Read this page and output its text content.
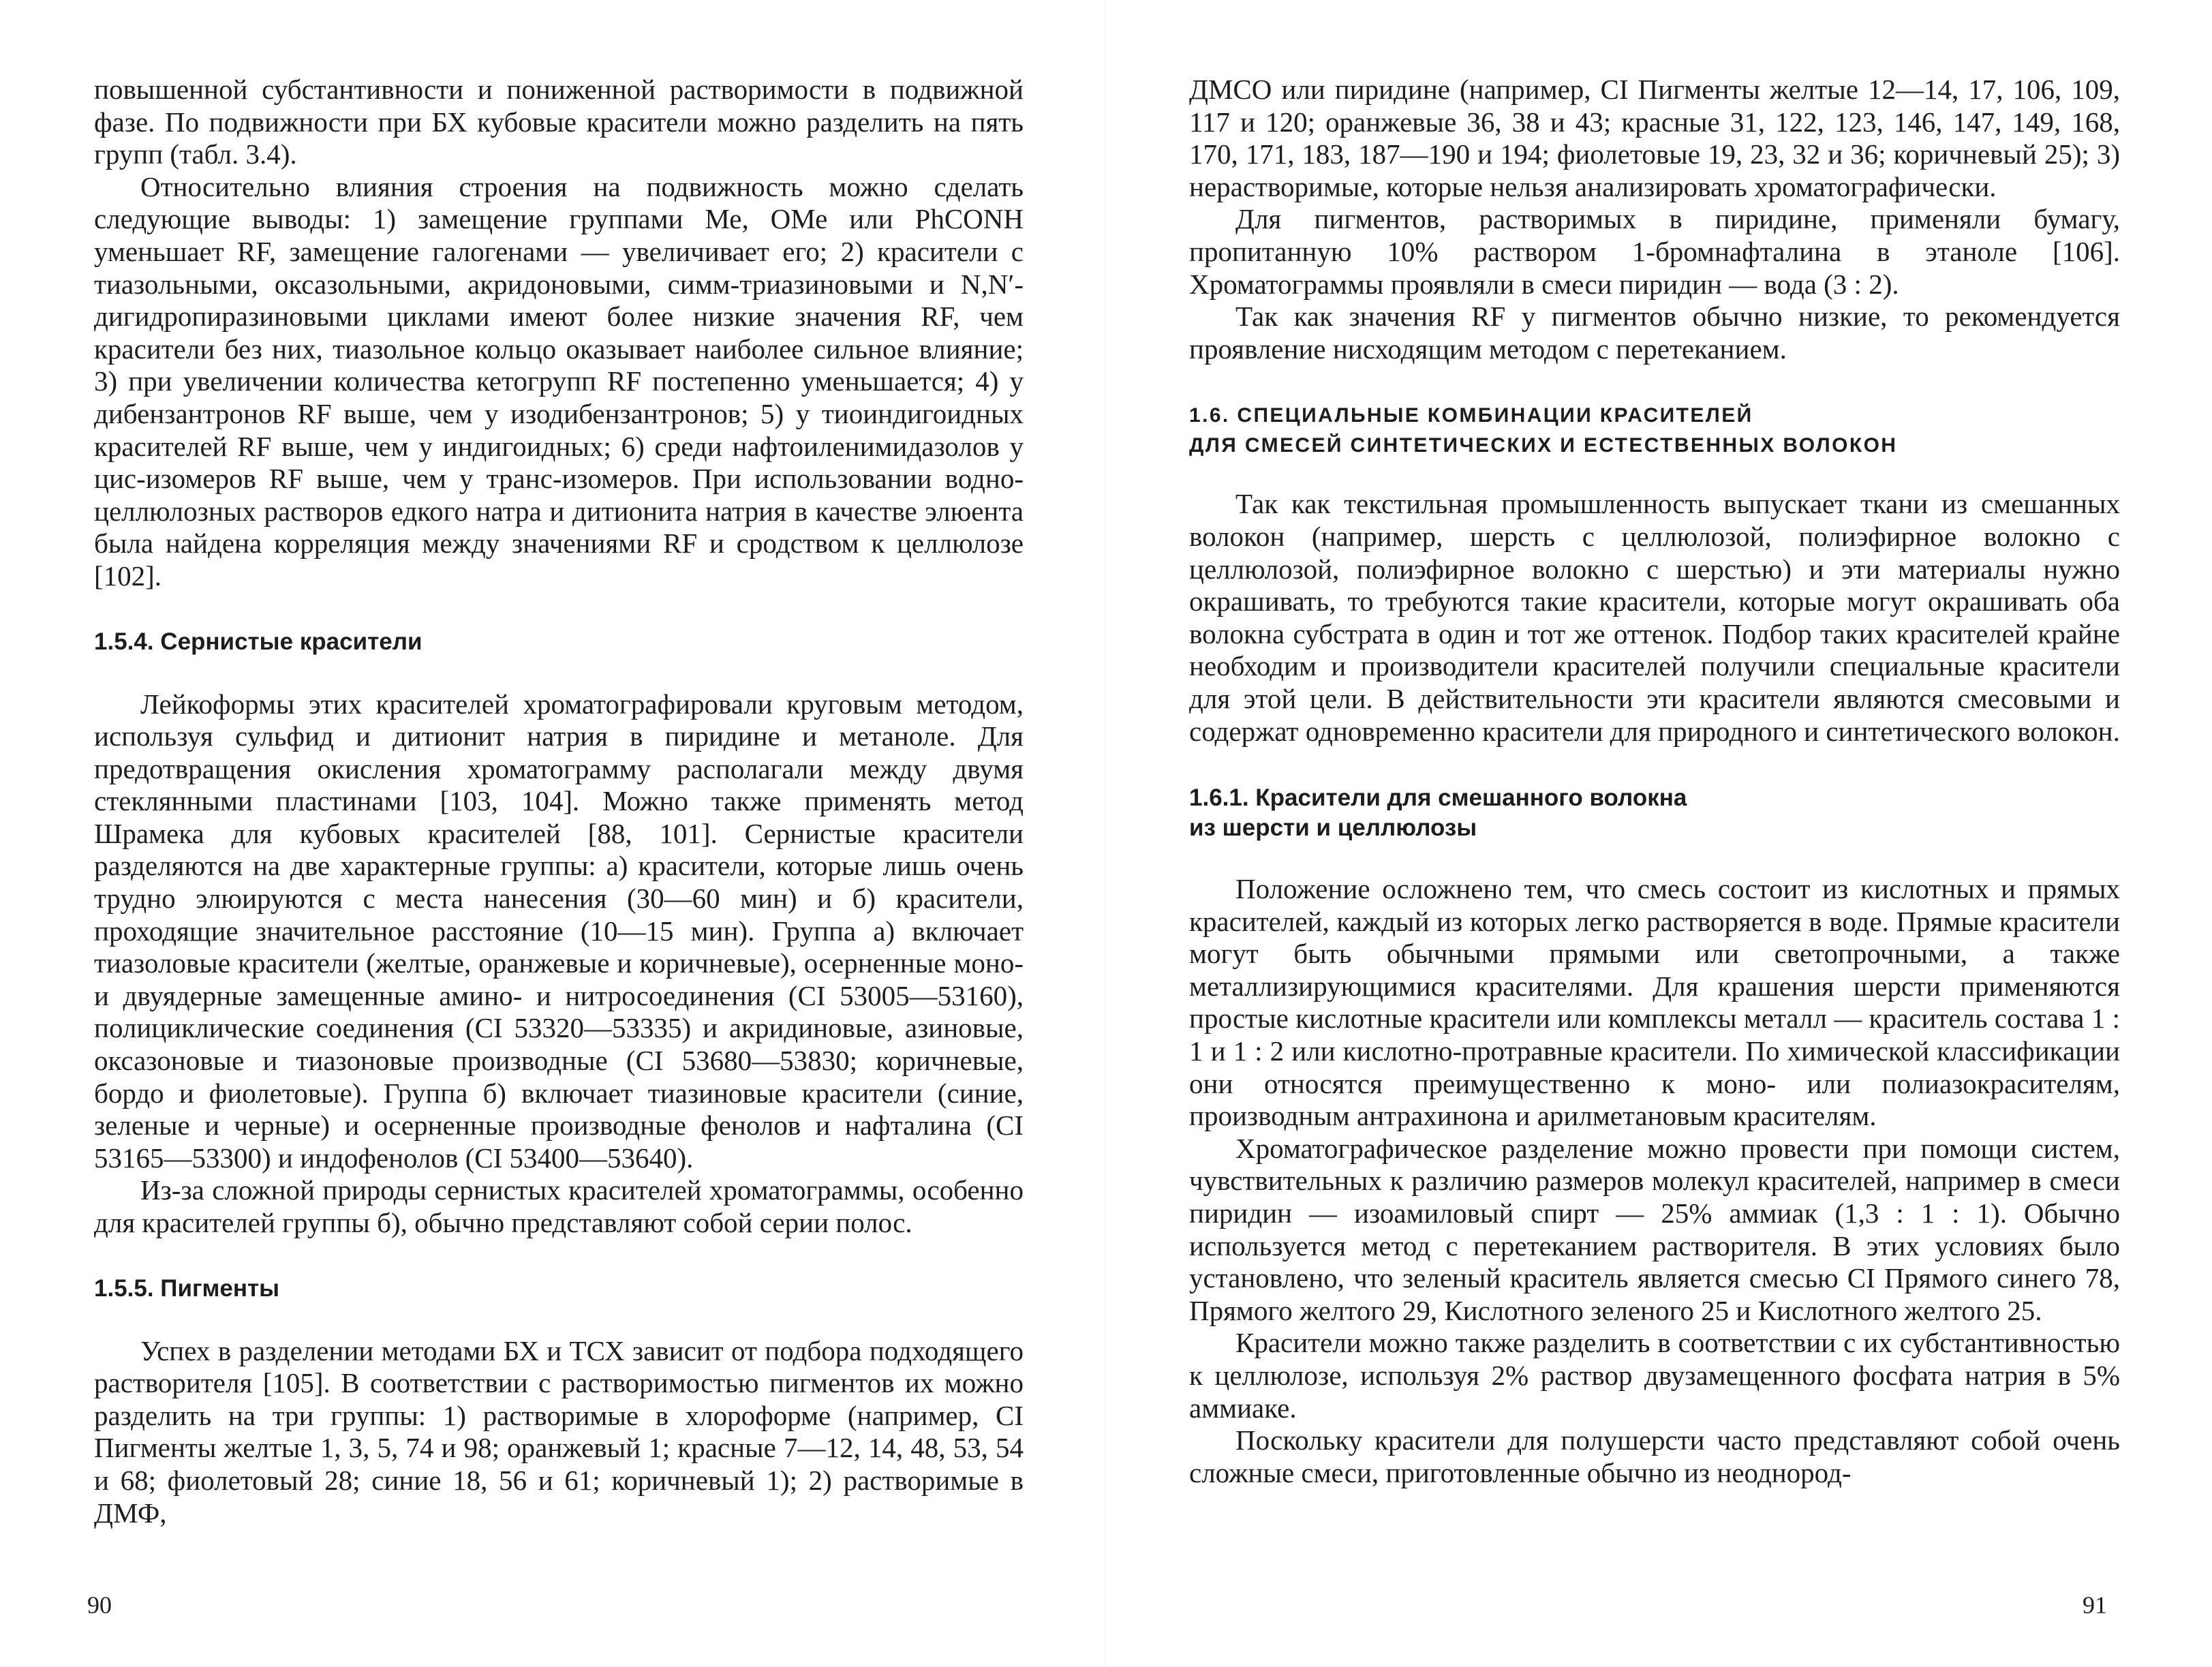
повышенной субстантивности и пониженной растворимости в подвижной фазе. По подвижности при БХ кубовые красители можно разделить на пять групп (табл. 3.4).

Относительно влияния строения на подвижность можно сделать следующие выводы: 1) замещение группами Ме, ОМе или PhCONH уменьшает RF, замещение галогенами — увеличивает его; 2) красители с тиазольными, оксазольными, акридоновыми, симм-триазиновыми и N,N′-дигидропиразиновыми циклами имеют более низкие значения RF, чем красители без них, тиазольное кольцо оказывает наиболее сильное влияние; 3) при увеличении количества кетогрупп RF постепенно уменьшается; 4) у дибензантронов RF выше, чем у изодибензантронов; 5) у тиоиндигоидных красителей RF выше, чем у индигоидных; 6) среди нафтоиленимидазолов у цис-изомеров RF выше, чем у транс-изомеров. При использовании водно-целлюлозных растворов едкого натра и дитионита натрия в качестве элюента была найдена корреляция между значениями RF и сродством к целлюлозе [102].

1.5.4. Сернистые красители

Лейкоформы этих красителей хроматографировали круговым методом, используя сульфид и дитионит натрия в пиридине и метаноле. Для предотвращения окисления хроматограмму располагали между двумя стеклянными пластинами [103, 104]. Можно также применять метод Шрамека для кубовых красителей [88, 101]. Сернистые красители разделяются на две характерные группы: а) красители, которые лишь очень трудно элюируются с места нанесения (30—60 мин) и б) красители, проходящие значительное расстояние (10—15 мин). Группа а) включает тиазоловые красители (желтые, оранжевые и коричневые), осерненные моно- и двуядерные замещенные амино- и нитросоединения (CI 53005—53160), полициклические соединения (CI 53320—53335) и акридиновые, азиновые, оксазоновые и тиазоновые производные (CI 53680—53830; коричневые, бордо и фиолетовые). Группа б) включает тиазиновые красители (синие, зеленые и черные) и осерненные производные фенолов и нафталина (CI 53165—53300) и индофенолов (CI 53400—53640).

Из-за сложной природы сернистых красителей хроматограммы, особенно для красителей группы б), обычно представляют собой серии полос.

1.5.5. Пигменты

Успех в разделении методами БХ и ТСХ зависит от подбора подходящего растворителя [105]. В соответствии с растворимостью пигментов их можно разделить на три группы: 1) растворимые в хлороформе (например, CI Пигменты желтые 1, 3, 5, 74 и 98; оранжевый 1; красные 7—12, 14, 48, 53, 54 и 68; фиолетовый 28; синие 18, 56 и 61; коричневый 1); 2) растворимые в ДМФ,

90

ДМСО или пиридине (например, CI Пигменты желтые 12—14, 17, 106, 109, 117 и 120; оранжевые 36, 38 и 43; красные 31, 122, 123, 146, 147, 149, 168, 170, 171, 183, 187—190 и 194; фиолетовые 19, 23, 32 и 36; коричневый 25); 3) нерастворимые, которые нельзя анализировать хроматографически.

Для пигментов, растворимых в пиридине, применяли бумагу, пропитанную 10% раствором 1-бромнафталина в этаноле [106]. Хроматограммы проявляли в смеси пиридин — вода (3 : 2).

Так как значения RF у пигментов обычно низкие, то рекомендуется проявление нисходящим методом с перетеканием.

1.6. СПЕЦИАЛЬНЫЕ КОМБИНАЦИИ КРАСИТЕЛЕЙ
ДЛЯ СМЕСЕЙ СИНТЕТИЧЕСКИХ И ЕСТЕСТВЕННЫХ ВОЛОКОН

Так как текстильная промышленность выпускает ткани из смешанных волокон (например, шерсть с целлюлозой, полиэфирное волокно с целлюлозой, полиэфирное волокно с шерстью) и эти материалы нужно окрашивать, то требуются такие красители, которые могут окрашивать оба волокна субстрата в один и тот же оттенок. Подбор таких красителей крайне необходим и производители красителей получили специальные красители для этой цели. В действительности эти красители являются смесовыми и содержат одновременно красители для природного и синтетического волокон.

1.6.1. Красители для смешанного волокна
из шерсти и целлюлозы

Положение осложнено тем, что смесь состоит из кислотных и прямых красителей, каждый из которых легко растворяется в воде. Прямые красители могут быть обычными прямыми или светопрочными, а также металлизирующимися красителями. Для крашения шерсти применяются простые кислотные красители или комплексы металл — краситель состава 1 : 1 и 1 : 2 или кислотно-протравные красители. По химической классификации они относятся преимущественно к моно- или полиазокрасителям, производным антрахинона и арилметановым красителям.

Хроматографическое разделение можно провести при помощи систем, чувствительных к различию размеров молекул красителей, например в смеси пиридин — изоамиловый спирт — 25% аммиак (1,3 : 1 : 1). Обычно используется метод с перетеканием растворителя. В этих условиях было установлено, что зеленый краситель является смесью CI Прямого синего 78, Прямого желтого 29, Кислотного зеленого 25 и Кислотного желтого 25.

Красители можно также разделить в соответствии с их субстантивностью к целлюлозе, используя 2% раствор двузамещенного фосфата натрия в 5% аммиаке.

Поскольку красители для полушерсти часто представляют собой очень сложные смеси, приготовленные обычно из неоднород-

91
